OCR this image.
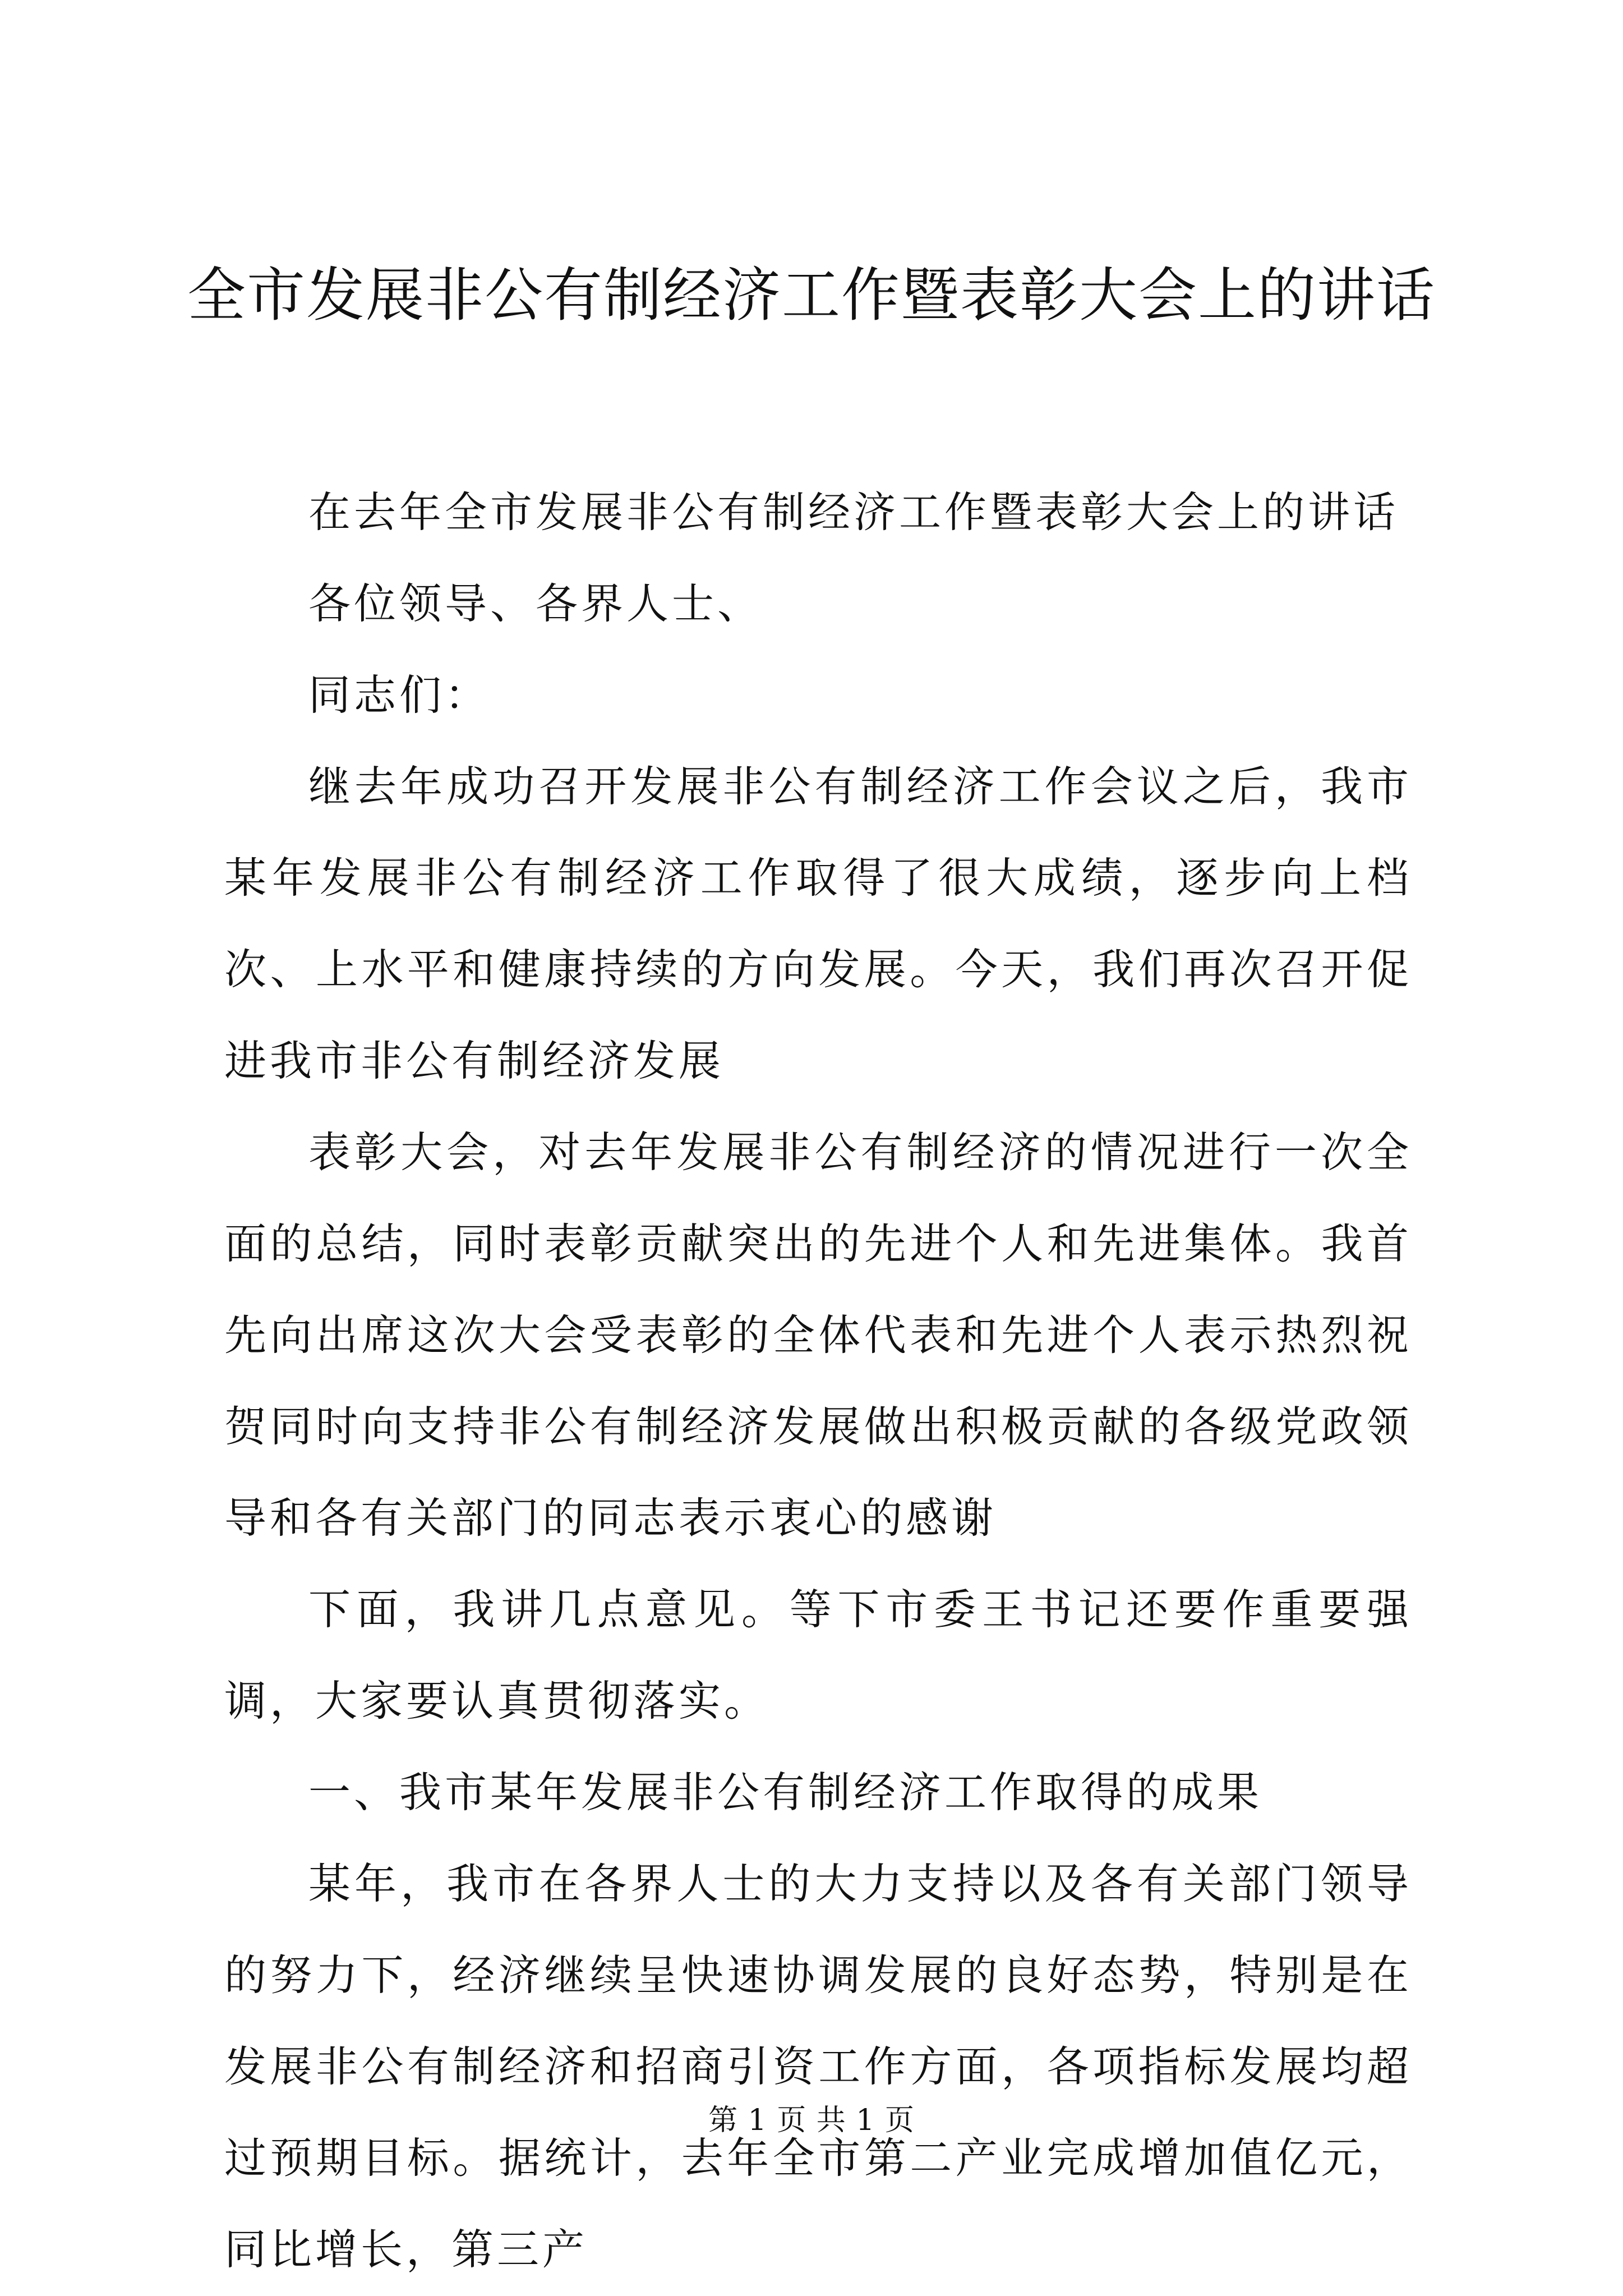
全市发展非公有制经济工作暨表彰大会上的讲话

在去年全市发展非公有制经济工作暨表彰大会上的讲话

各位领导、各界人士、

同志们：

继去年成功召开发展非公有制经济工作会议之后，我市某年发展非公有制经济工作取得了很大成绩，逐步向上档次、上水平和健康持续的方向发展。今天，我们再次召开促进我市非公有制经济发展

表彰大会，对去年发展非公有制经济的情况进行一次全面的总结，同时表彰贡献突出的先进个人和先进集体。我首先向出席这次大会受表彰的全体代表和先进个人表示热烈祝贺同时向支持非公有制经济发展做出积极贡献的各级党政领导和各有关部门的同志表示衷心的感谢

下面，我讲几点意见。等下市委王书记还要作重要强调，大家要认真贯彻落实。

一、我市某年发展非公有制经济工作取得的成果

某年，我市在各界人士的大力支持以及各有关部门领导的努力下，经济继续呈快速协调发展的良好态势，特别是在发展非公有制经济和招商引资工作方面，各项指标发展均超过预期目标。据统计，去年全市第二产业完成增加值亿元，同比增长，第三产

第 1 页 共 1 页
